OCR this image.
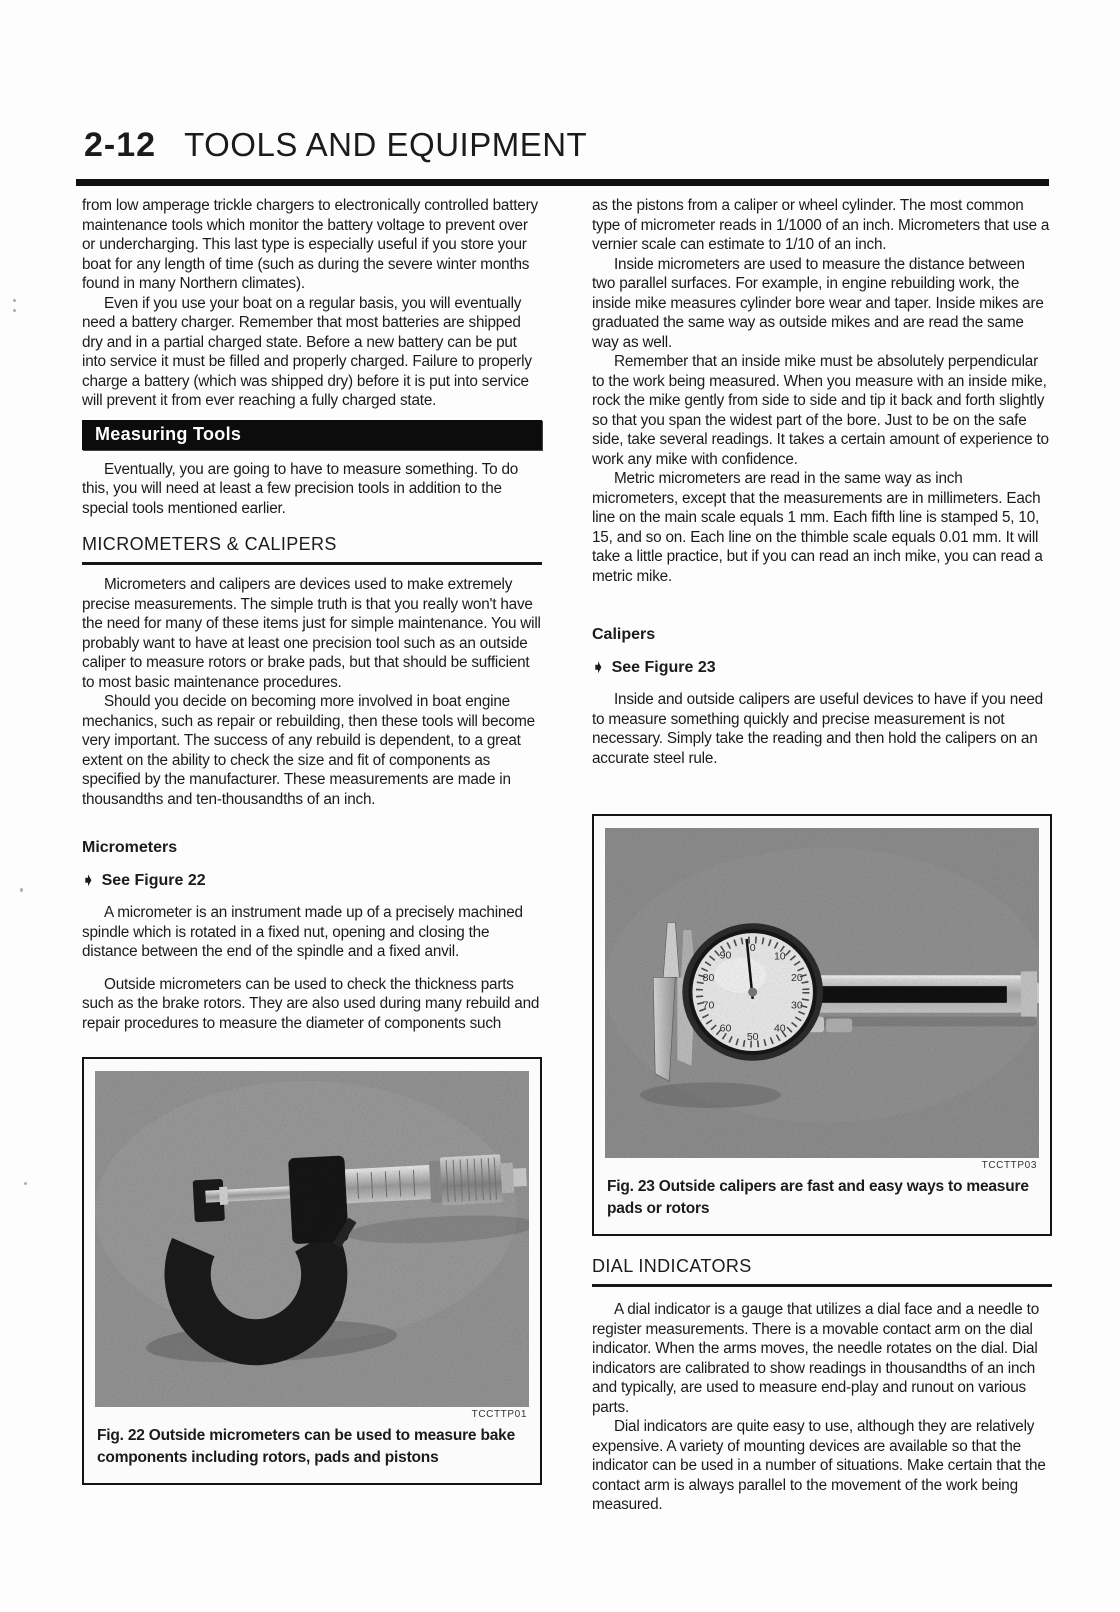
2-12 TOOLS AND EQUIPMENT

from low amperage trickle chargers to electronically controlled battery maintenance tools which monitor the battery voltage to prevent over or undercharging. This last type is especially useful if you store your boat for any length of time (such as during the severe winter months found in many Northern climates).

Even if you use your boat on a regular basis, you will eventually need a battery charger. Remember that most batteries are shipped dry and in a partial charged state. Before a new battery can be put into service it must be filled and properly charged. Failure to properly charge a battery (which was shipped dry) before it is put into service will prevent it from ever reaching a fully charged state.

Measuring Tools

Eventually, you are going to have to measure something. To do this, you will need at least a few precision tools in addition to the special tools mentioned earlier.

MICROMETERS & CALIPERS

Micrometers and calipers are devices used to make extremely precise measurements. The simple truth is that you really won't have the need for many of these items just for simple maintenance. You will probably want to have at least one precision tool such as an outside caliper to measure rotors or brake pads, but that should be sufficient to most basic maintenance procedures.

Should you decide on becoming more involved in boat engine mechanics, such as repair or rebuilding, then these tools will become very important. The success of any rebuild is dependent, to a great extent on the ability to check the size and fit of components as specified by the manufacturer. These measurements are made in thousandths and ten-thousandths of an inch.

Micrometers
➧ See Figure 22

A micrometer is an instrument made up of a precisely machined spindle which is rotated in a fixed nut, opening and closing the distance between the end of the spindle and a fixed anvil.

Outside micrometers can be used to check the thickness parts such as the brake rotors. They are also used during many rebuild and repair procedures to measure the diameter of components such

TCCTTP01
Fig. 22 Outside micrometers can be used to measure bake components including rotors, pads and pistons

as the pistons from a caliper or wheel cylinder. The most common type of micrometer reads in 1/1000 of an inch. Micrometers that use a vernier scale can estimate to 1/10 of an inch.

Inside micrometers are used to measure the distance between two parallel surfaces. For example, in engine rebuilding work, the inside mike measures cylinder bore wear and taper. Inside mikes are graduated the same way as outside mikes and are read the same way as well.

Remember that an inside mike must be absolutely perpendicular to the work being measured. When you measure with an inside mike, rock the mike gently from side to side and tip it back and forth slightly so that you span the widest part of the bore. Just to be on the safe side, take several readings. It takes a certain amount of experience to work any mike with confidence.

Metric micrometers are read in the same way as inch micrometers, except that the measurements are in millimeters. Each line on the main scale equals 1 mm. Each fifth line is stamped 5, 10, 15, and so on. Each line on the thimble scale equals 0.01 mm. It will take a little practice, but if you can read an inch mike, you can read a metric mike.

Calipers
➧ See Figure 23

Inside and outside calipers are useful devices to have if you need to measure something quickly and precise measurement is not necessary. Simply take the reading and then hold the calipers on an accurate steel rule.

0
10
20
30
40
50
60
70
80
90
TCCTTP03
Fig. 23 Outside calipers are fast and easy ways to measure pads or rotors
DIAL INDICATORS

A dial indicator is a gauge that utilizes a dial face and a needle to register measurements. There is a movable contact arm on the dial indicator. When the arms moves, the needle rotates on the dial. Dial indicators are calibrated to show readings in thousandths of an inch and typically, are used to measure end-play and runout on various parts.

Dial indicators are quite easy to use, although they are relatively expensive. A variety of mounting devices are available so that the indicator can be used in a number of situations. Make certain that the contact arm is always parallel to the movement of the work being measured.
